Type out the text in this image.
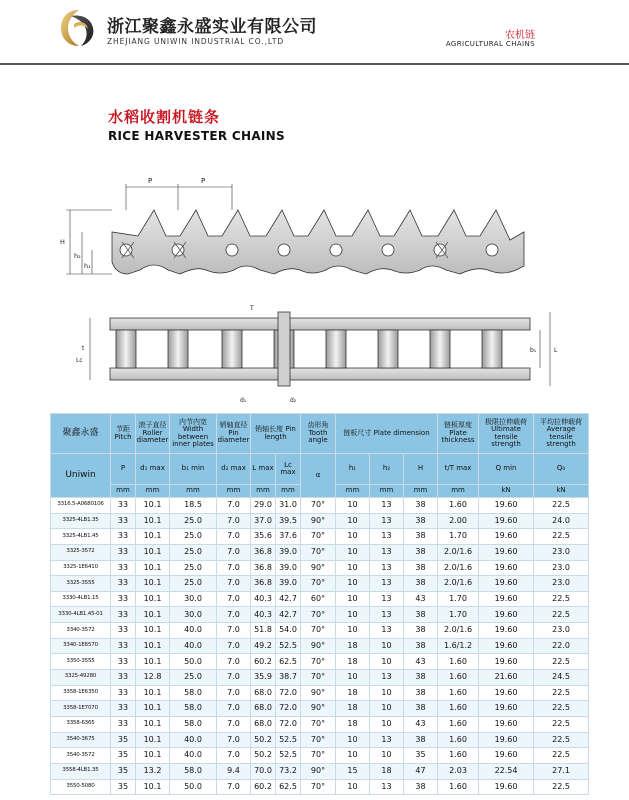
浙江聚鑫永盛实业有限公司
ZHEJIANG UNIWIN INDUSTRIAL CO.,LTD
农机链
AGRICULTURAL CHAINS
水稻收割机链条
RICE HARVESTER CHAINS
P	P
H
h₂
h₁
T
t	b₁
d₁	d₂
L
Lc
聚鑫永盛	节距 Pitch	滚子直径 Roller diameter	内节内宽 Width between inner plates	销轴直径 Pin diameter	销轴长度 Pin length		齿形角 Tooth angle	链板尺寸 Plate dimension			链板厚度 Plate thickness	极限拉伸载荷 Ultimate tensile strength	平均拉伸载荷 Average tensile strength
Uniwin	P	d₁ max	b₁ min	d₂ max	L max	Lc max	α	h₁	h₂	H	t/T max	Q min	Q₀
	mm	mm	mm	mm	mm	mm		mm	mm	mm	mm	kN	kN
3316.5-A0680106	33	10.1	18.5	7.0	29.0	31.0	70°	10	13	38	1.60	19.60	22.5
3325-4LB1.35	33	10.1	25.0	7.0	37.0	39.5	90°	10	13	38	2.00	19.60	24.0
3325-4LB1.45	33	10.1	25.0	7.0	35.6	37.6	70°	10	13	38	1.70	19.60	22.5
3325-3572	33	10.1	25.0	7.0	36.8	39.0	70°	10	13	38	2.0/1.6	19.60	23.0
3325-1E6410	33	10.1	25.0	7.0	36.8	39.0	90°	10	13	38	2.0/1.6	19.60	23.0
3325-3555	33	10.1	25.0	7.0	36.8	39.0	70°	10	13	38	2.0/1.6	19.60	23.0
3330-4LB1.15	33	10.1	30.0	7.0	40.3	42.7	60°	10	13	43	1.70	19.60	22.5
3330-4LB1.45-01	33	10.1	30.0	7.0	40.3	42.7	70°	10	13	38	1.70	19.60	22.5
3340-3572	33	10.1	40.0	7.0	51.8	54.0	70°	10	13	38	2.0/1.6	19.60	23.0
3340-1E6570	33	10.1	40.0	7.0	49.2	52.5	90°	18	10	38	1.6/1.2	19.60	22.0
3350-3555	33	10.1	50.0	7.0	60.2	62.5	70°	18	10	43	1.60	19.60	22.5
3325-49280	33	12.8	25.0	7.0	35.9	38.7	70°	10	13	38	1.60	21.60	24.5
3358-1E6350	33	10.1	58.0	7.0	68.0	72.0	90°	18	10	38	1.60	19.60	22.5
3358-1E7070	33	10.1	58.0	7.0	68.0	72.0	90°	18	10	38	1.60	19.60	22.5
3358-6365	33	10.1	58.0	7.0	68.0	72.0	70°	18	10	43	1.60	19.60	22.5
3540-3675	35	10.1	40.0	7.0	50.2	52.5	70°	10	13	38	1.60	19.60	22.5
3540-3572	35	10.1	40.0	7.0	50.2	52.5	70°	10	10	35	1.60	19.60	22.5
3558-4LB1.35	35	13.2	58.0	9.4	70.0	73.2	90°	15	18	47	2.03	22.54	27.1
3550-5080	35	10.1	50.0	7.0	60.2	62.5	70°	10	13	38	1.60	19.60	22.5
